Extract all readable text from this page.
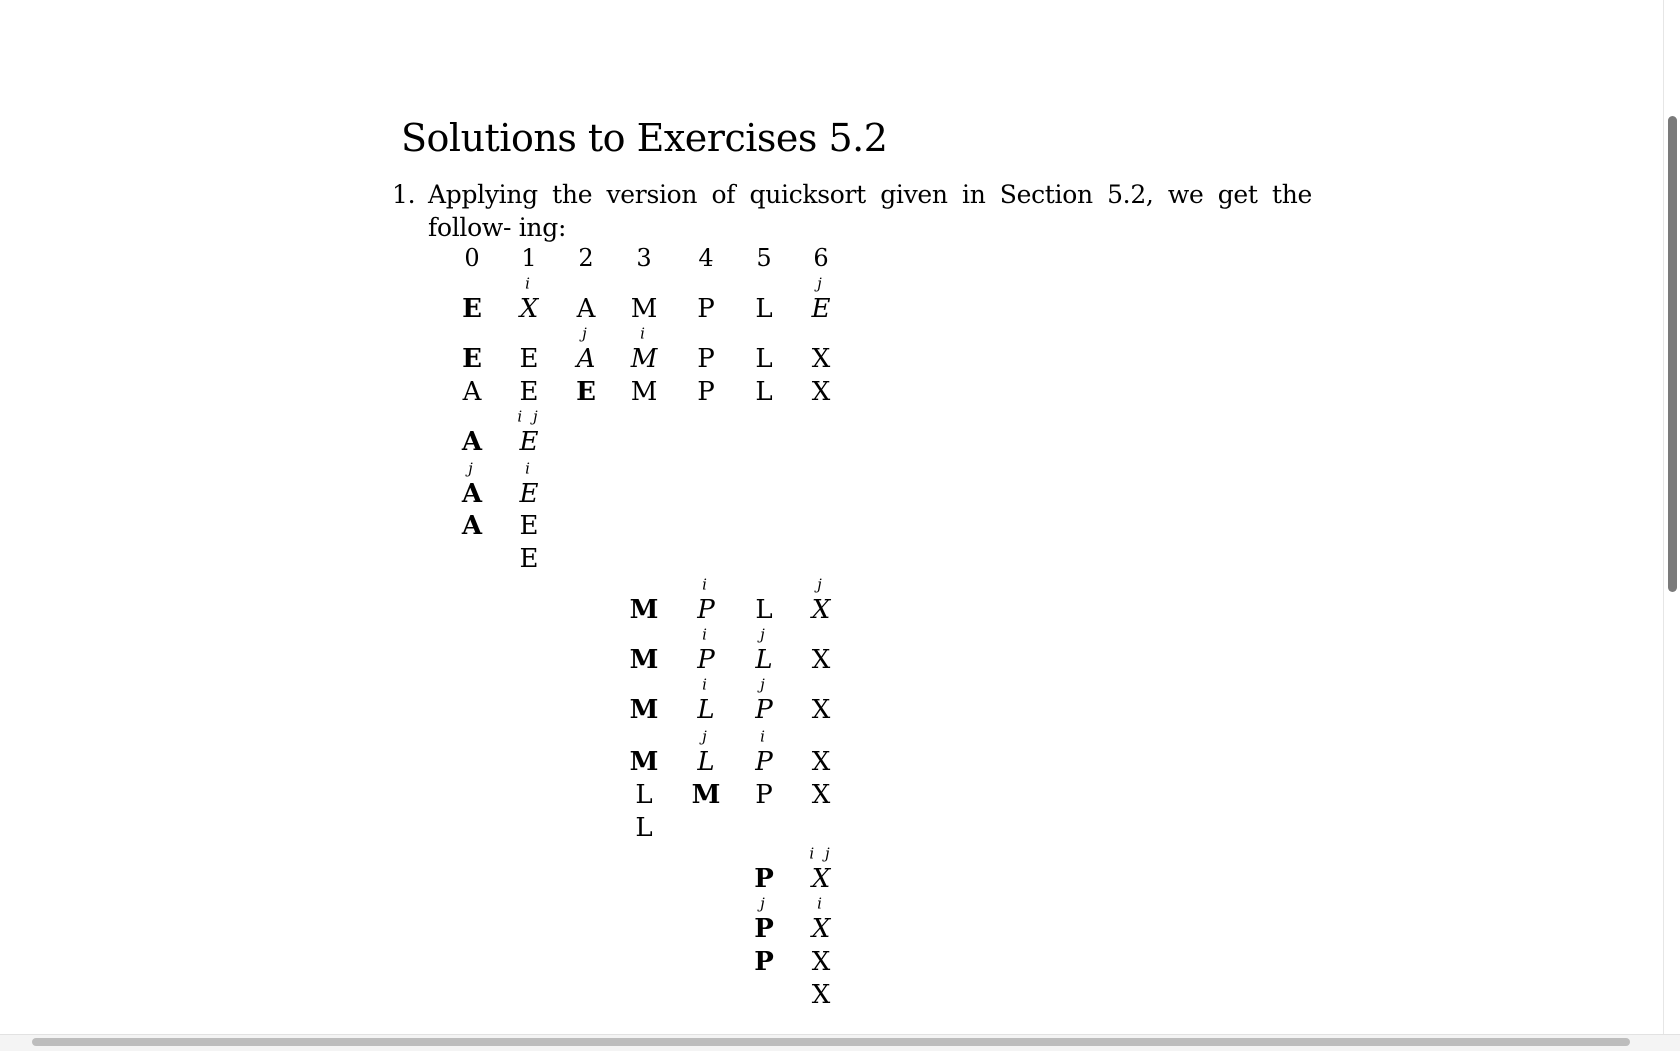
Solutions to Exercises 5.2
1. Applying the version of quicksort given in Section 5.2, we get the follow- ing:
0 1 2 3 4 5 6
E X
i
A M P L E
j
E E A
j
M
i
P L X
A E E M P L X
A E
i j
A
j
E
i
A E
E
M P
i
L X
j
M P
i
L
j
X
M L
i
P
j
X
M L
j
P
i
X
L M P X
L
P X
i j
P
j
X
i
P X
X
